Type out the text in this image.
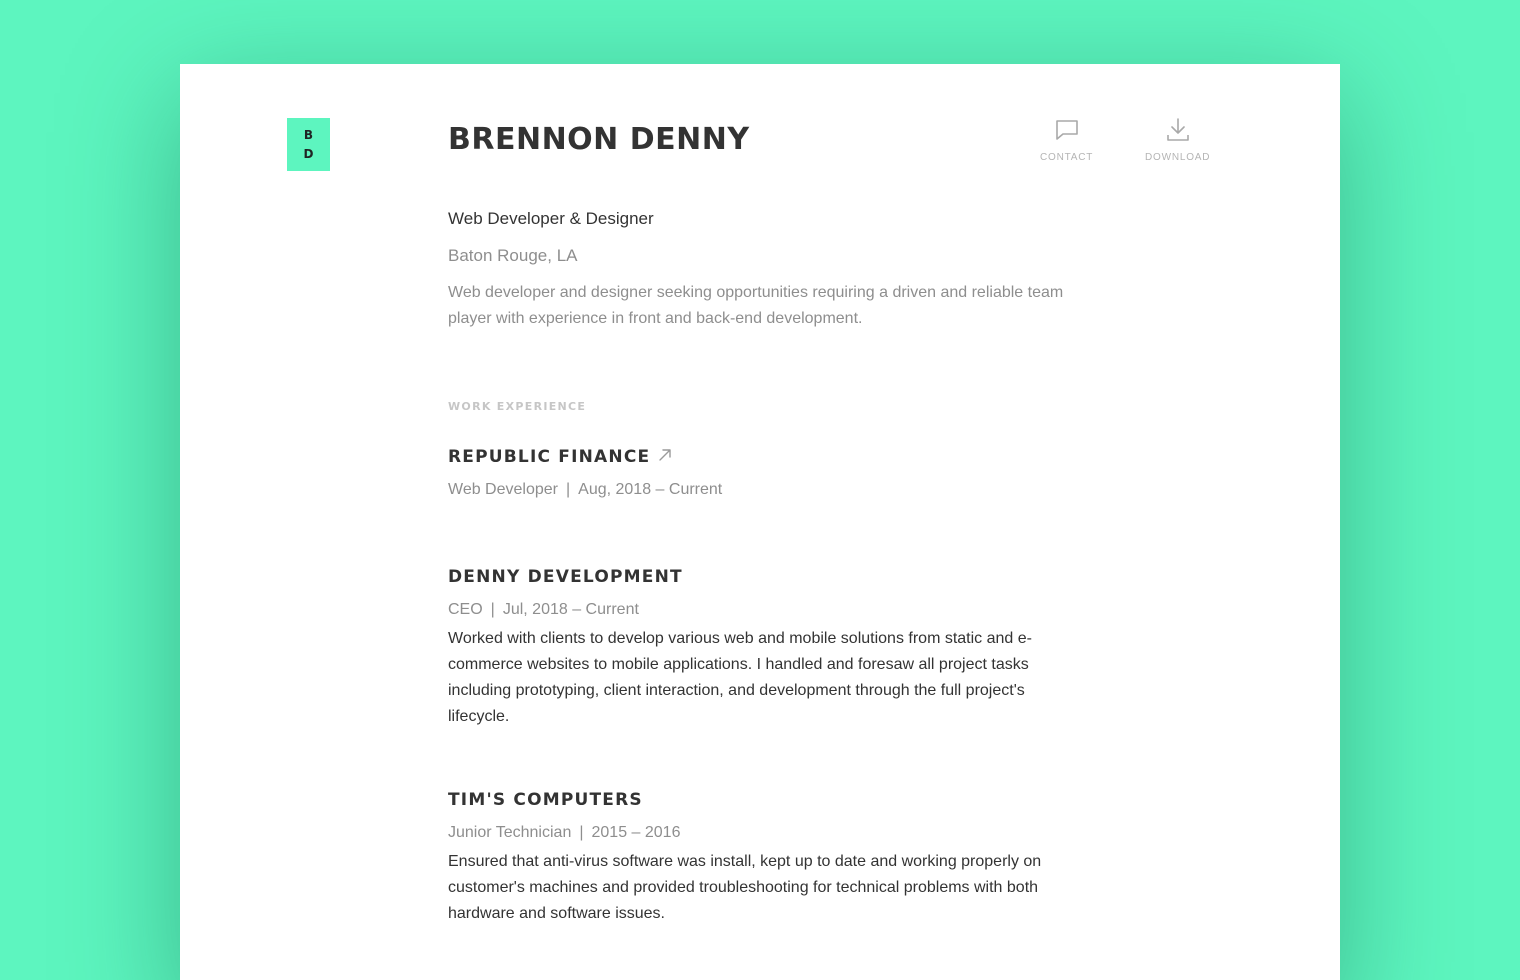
B
D	CONTACT	DOWNLOAD
BRENNON DENNY
Web Developer & Designer
Baton Rouge, LA
Web developer and designer seeking opportunities requiring a driven and reliable team player with experience in front and back-end development.
WORK EXPERIENCE
REPUBLIC FINANCE
Web Developer | Aug, 2018 – Current
DENNY DEVELOPMENT
CEO | Jul, 2018 – Current
Worked with clients to develop various web and mobile solutions from static and e-commerce websites to mobile applications. I handled and foresaw all project tasks including prototyping, client interaction, and development through the full project's lifecycle.
TIM'S COMPUTERS
Junior Technician | 2015 – 2016
Ensured that anti-virus software was install, kept up to date and working properly on customer's machines and provided troubleshooting for technical problems with both hardware and software issues.
